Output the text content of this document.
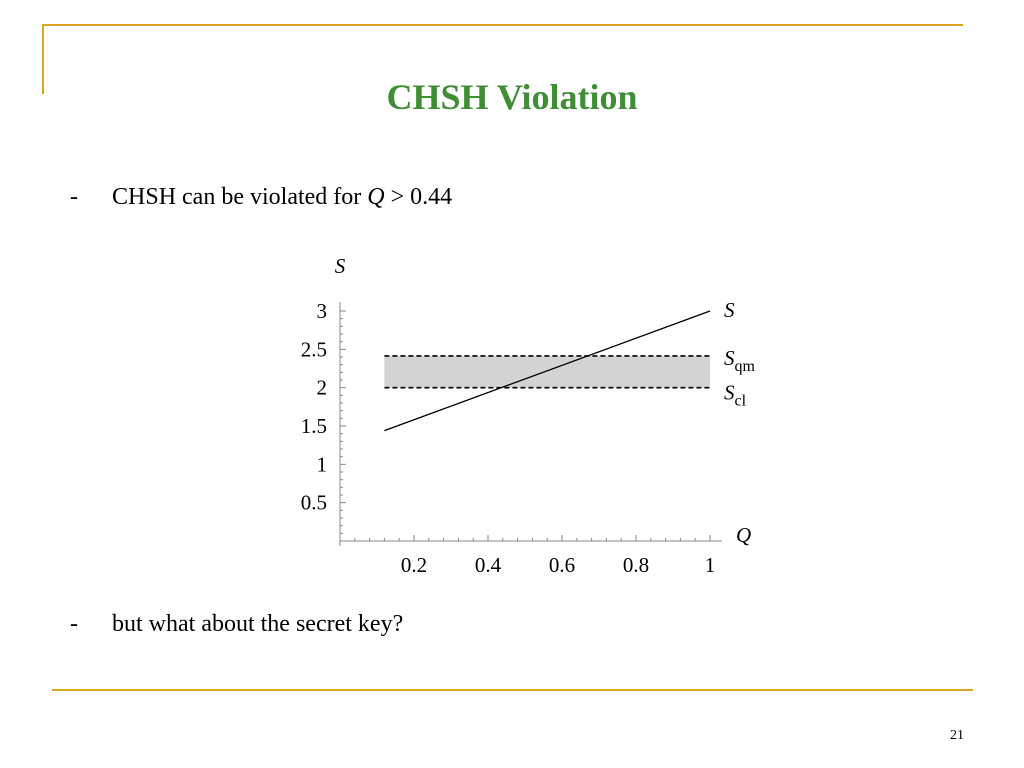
CHSH Violation
- CHSH can be violated for Q > 0.44
- but what about the secret key?
$S_{qm}$
$S_{cl}$
0.2 0.4 0.6 0.8	1
0.5
1
1.5
2
2.5
3
S
Q
S
21
